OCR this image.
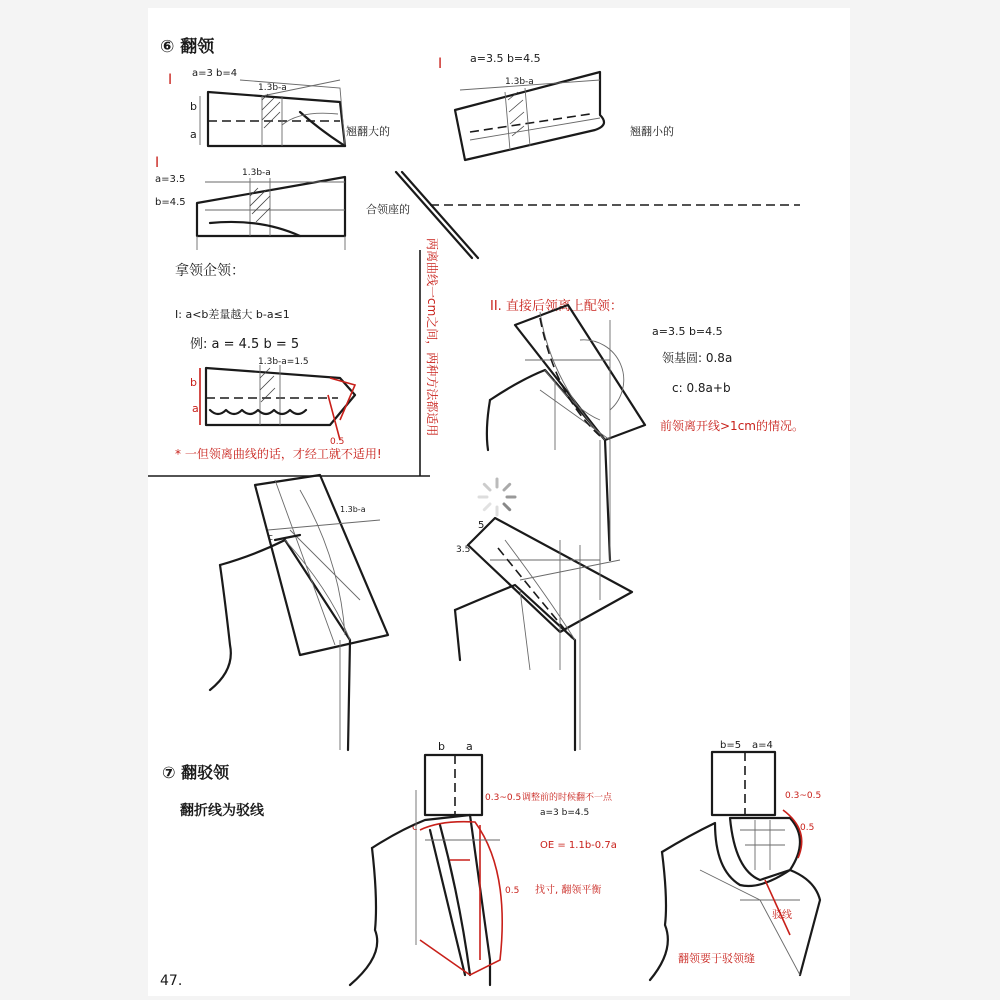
⑥ 翻领
I a=3 b=4
1.3b-a
b
a	翘翻大的
I
a=3.5
b=4.5
1.3b-a
I	a=3.5 b=4.5
1.3b-a
翘翻小的
合领座的
拿领企领：
I: a<b差量越大 b-a≤1
例: a = 4.5 b = 5
1.3b-a=1.5
b
a
0.5
* 一但领离曲线的话，才经工就不适用!
两离曲线一cm之间，两种方法都适用
c
1.3b-a
II. 直接后领离上配领：
a=3.5 b=4.5
领基圆: 0.8a
c: 0.8a+b
前领离开线>1cm的情况。
5
3.5
⑦ 翻驳领
翻折线为驳线
b a
c
0.3~0.5 调整前的时候翻不一点
a=3 b=4.5
OE = 1.1b-0.7a
0.5 找寸, 翻领平衡
b=5 a=4
0.3~0.5
0.5
驳线
翻领要于驳领缝
47.
